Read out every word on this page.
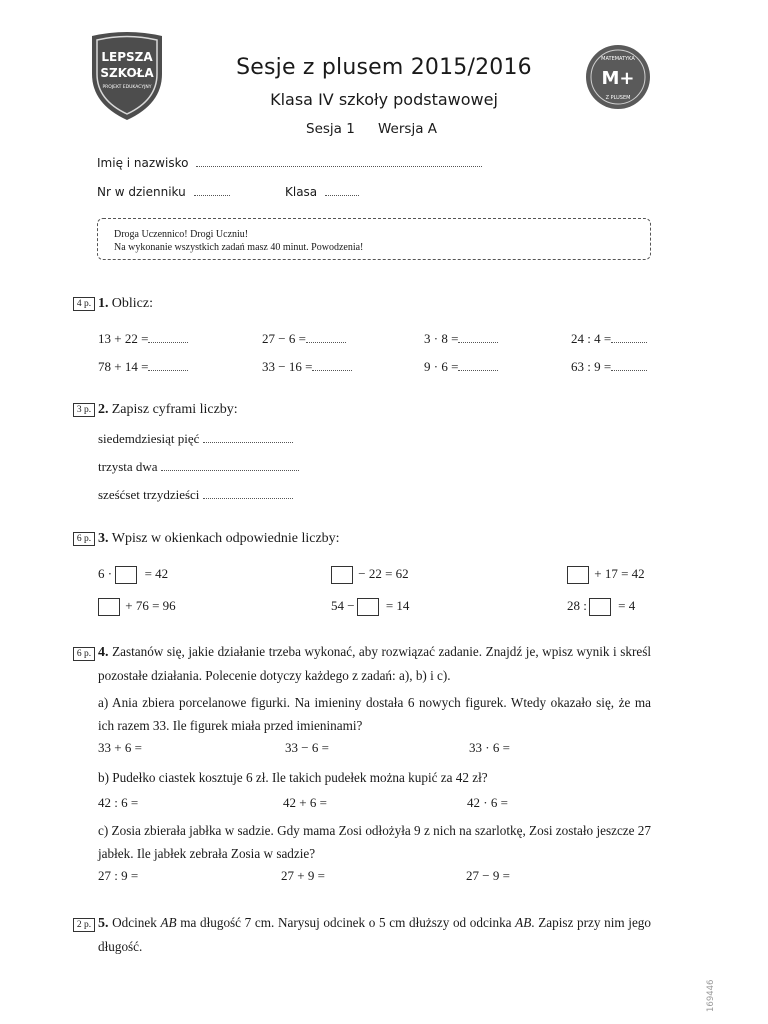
LEPSZA
SZKOŁA
PROJEKT EDUKACYJNY
MATEMATYKA
M+
Z PLUSEM
Sesje z plusem 2015/2016
Klasa IV szkoły podstawowej
Sesja 1 Wersja A
Imię i nazwisko
Nr w dzienniku	Klasa
Droga Uczennico! Drogi Uczniu!
Na wykonanie wszystkich zadań masz 40 minut. Powodzenia!
4 p. 1. Oblicz:
13 + 22 =	27 − 6 =	3 · 8 =	24 : 4 =
78 + 14 =	33 − 16 =	9 · 6 =	63 : 9 =
3 p. 2. Zapisz cyframi liczby:
siedemdziesiąt pięć
trzysta dwa
sześćset trzydzieści
6 p. 3. Wpisz w okienkach odpowiednie liczby:
6 ·	= 42	− 22 = 62	+ 17 = 42
+ 76 = 96	54 − = 14	28 : = 4
6 p. 4. Zastanów się, jakie działanie trzeba wykonać, aby rozwiązać zadanie. Znajdź je, wpisz wynik i skreśl pozostałe działania. Polecenie dotyczy każdego z zadań: a), b) i c).
a) Ania zbiera porcelanowe figurki. Na imieniny dostała 6 nowych figurek. Wtedy okazało się, że ma ich razem 33. Ile figurek miała przed imieninami?
33 + 6 =	33 − 6 =	33 · 6 =
b) Pudełko ciastek kosztuje 6 zł. Ile takich pudełek można kupić za 42 zł?
42 : 6 =	42 + 6 =	42 · 6 =
c) Zosia zbierała jabłka w sadzie. Gdy mama Zosi odłożyła 9 z nich na szarlotkę, Zosi zostało jeszcze 27 jabłek. Ile jabłek zebrała Zosia w sadzie?
27 : 9 =	27 + 9 =	27 − 9 =
2 p. 5. Odcinek AB ma długość 7 cm. Narysuj odcinek o 5 cm dłuższy od odcinka AB. Zapisz przy nim jego długość.
169446
